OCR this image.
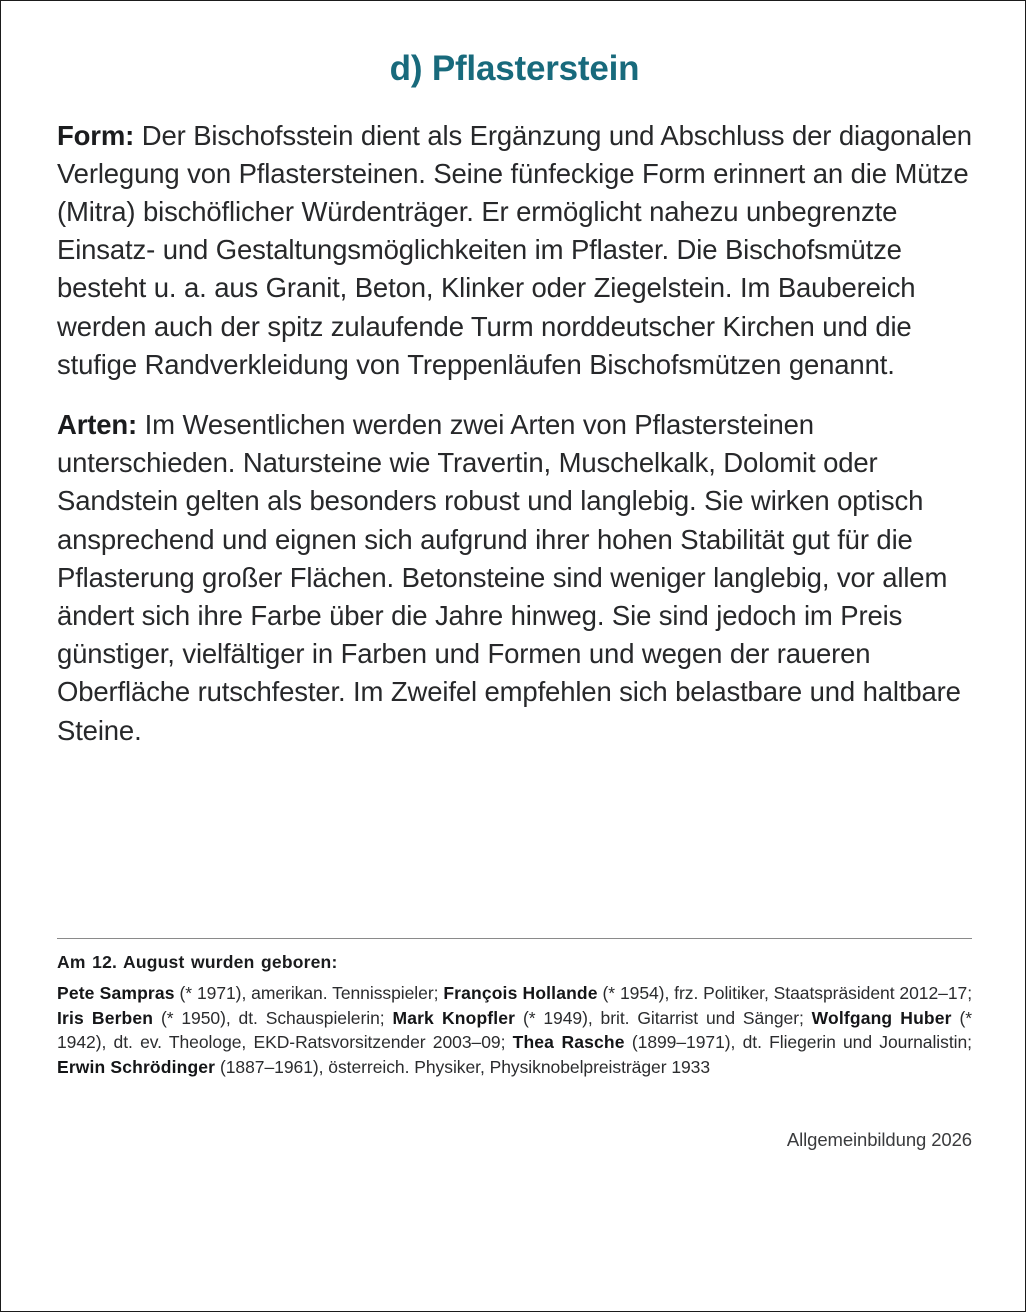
d) Pflasterstein

Form: Der Bischofsstein dient als Ergänzung und Abschluss der diagonalen Verlegung von Pflastersteinen. Seine fünfeckige Form erinnert an die Mütze (Mitra) bischöflicher Würdenträger. Er ermöglicht nahezu unbegrenzte Einsatz- und Gestaltungsmöglichkeiten im Pflaster. Die Bischofsmütze besteht u. a. aus Granit, Beton, Klinker oder Ziegelstein. Im Baubereich werden auch der spitz zulaufende Turm norddeutscher Kirchen und die stufige Randverkleidung von Treppenläufen Bischofsmützen genannt.

Arten: Im Wesentlichen werden zwei Arten von Pflastersteinen unterschieden. Natursteine wie Travertin, Muschelkalk, Dolomit oder Sandstein gelten als besonders robust und langlebig. Sie wirken optisch ansprechend und eignen sich aufgrund ihrer hohen Stabilität gut für die Pflasterung großer Flächen. Betonsteine sind weniger langlebig, vor allem ändert sich ihre Farbe über die Jahre hinweg. Sie sind jedoch im Preis günstiger, vielfältiger in Farben und Formen und wegen der raueren Oberfläche rutschfester. Im Zweifel empfehlen sich belastbare und haltbare Steine.

Am 12. August wurden geboren:

Pete Sampras (* 1971), amerikan. Tennisspieler; François Hollande (* 1954), frz. Politiker, Staatspräsident 2012–17; Iris Berben (* 1950), dt. Schauspielerin; Mark Knopfler (* 1949), brit. Gitarrist und Sänger; Wolfgang Huber (* 1942), dt. ev. Theologe, EKD-Ratsvorsitzender 2003–09; Thea Rasche (1899–1971), dt. Fliegerin und Journalistin; Erwin Schrödinger (1887–1961), österreich. Physiker, Physiknobelpreisträger 1933

Allgemeinbildung 2026
